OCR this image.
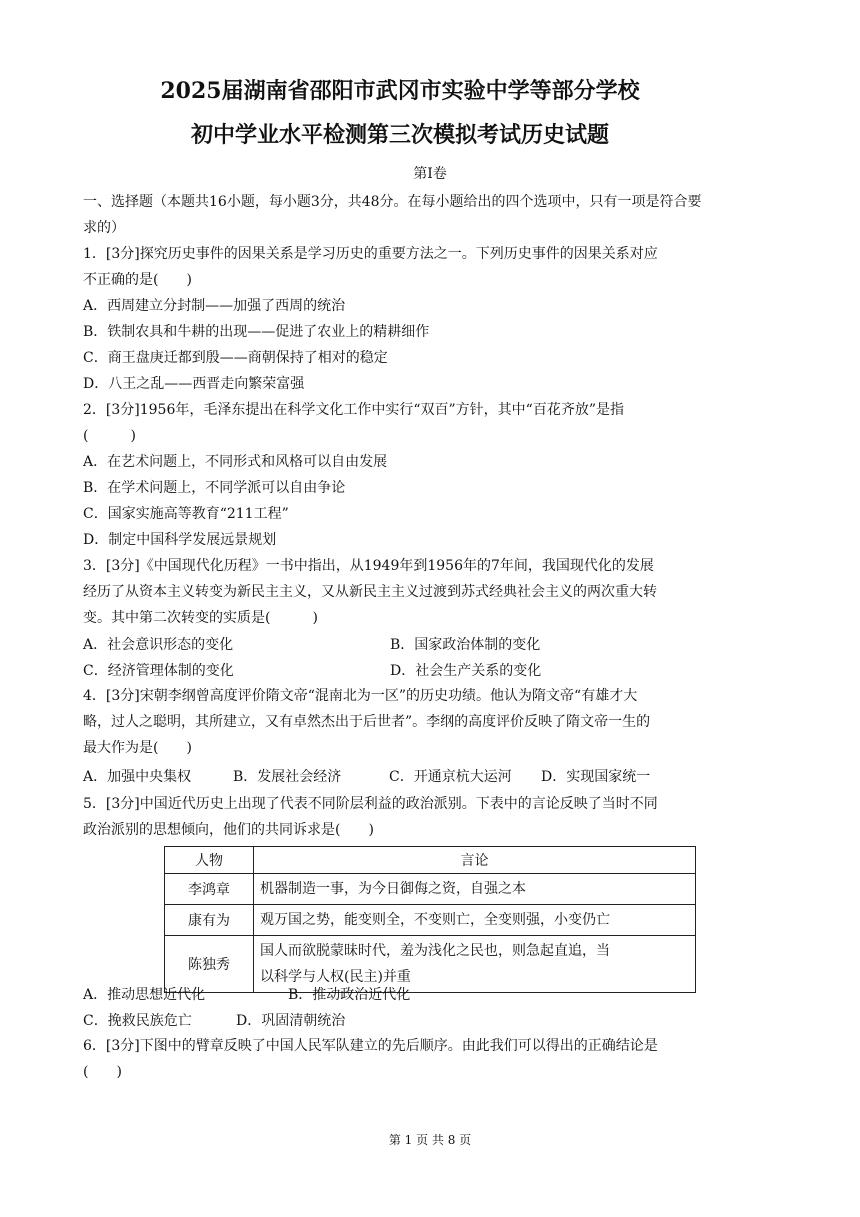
2025届湖南省邵阳市武冈市实验中学等部分学校
初中学业水平检测第三次模拟考试历史试题
第Ⅰ卷
一、选择题（本题共16小题，每小题3分，共48分。在每小题给出的四个选项中，只有一项是符合要
求的）
1．[3分]探究历史事件的因果关系是学习历史的重要方法之一。下列历史事件的因果关系对应
不正确的是(　　)
A．西周建立分封制——加强了西周的统治
B．铁制农具和牛耕的出现——促进了农业上的精耕细作
C．商王盘庚迁都到殷——商朝保持了相对的稳定
D．八王之乱——西晋走向繁荣富强
2．[3分]1956年，毛泽东提出在科学文化工作中实行“双百”方针，其中“百花齐放”是指
(　　　)
A．在艺术问题上，不同形式和风格可以自由发展
B．在学术问题上，不同学派可以自由争论
C．国家实施高等教育“211工程”
D．制定中国科学发展远景规划
3．[3分]《中国现代化历程》一书中指出，从1949年到1956年的7年间，我国现代化的发展
经历了从资本主义转变为新民主主义，又从新民主主义过渡到苏式经典社会主义的两次重大转
变。其中第二次转变的实质是(　　　)
A．社会意识形态的变化	B．国家政治体制的变化
C．经济管理体制的变化	D．社会生产关系的变化
4．[3分]宋朝李纲曾高度评价隋文帝“混南北为一区”的历史功绩。他认为隋文帝“有雄才大
略，过人之聪明，其所建立，又有卓然杰出于后世者”。李纲的高度评价反映了隋文帝一生的
最大作为是(　　)
A．加强中央集权	B．发展社会经济	C．开通京杭大运河 D．实现国家统一
5．[3分]中国近代历史上出现了代表不同阶层利益的政治派别。下表中的言论反映了当时不同
政治派别的思想倾向，他们的共同诉求是(　　)
人物	言论
李鸿章	机器制造一事，为今日御侮之资，自强之本
康有为	观万国之势，能变则全，不变则亡，全变则强，小变仍亡
陈独秀	国人而欲脱蒙昧时代，羞为浅化之民也，则急起直追，当
以科学与人权(民主)并重
A．推动思想近代化	B．推动政治近代化
C．挽救民族危亡	D．巩固清朝统治
6．[3分]下图中的臂章反映了中国人民军队建立的先后顺序。由此我们可以得出的正确结论是
(　　)
第 1 页 共 8 页
